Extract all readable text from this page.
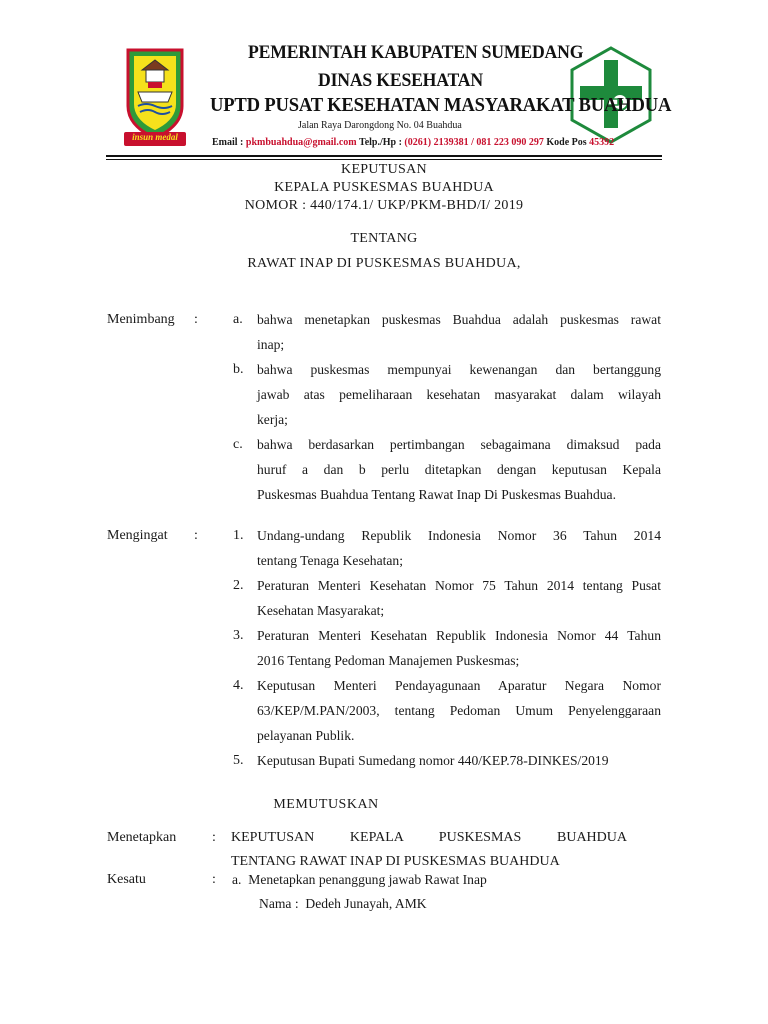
insun medal
PEMERINTAH KABUPATEN SUMEDANG
DINAS KESEHATAN
UPTD PUSAT KESEHATAN MASYARAKAT BUAHDUA
Jalan Raya Darongdong No. 04 Buahdua
Email : pkmbuahdua@gmail.com Telp./Hp : (0261) 2139381 / 081 223 090 297 Kode Pos 45392
KEPUTUSAN
KEPALA PUSKESMAS BUAHDUA
NOMOR : 440/174.1/ UKP/PKM-BHD/I/ 2019
TENTANG
RAWAT INAP DI PUSKESMAS BUAHDUA,
Menimbang :	a.	bahwa menetapkan puskesmas Buahdua adalah puskesmas rawat
inap;
b. bahwa puskesmas mempunyai kewenangan dan bertanggung
jawab atas pemeliharaan kesehatan masyarakat dalam wilayah
kerja;
c.	bahwa berdasarkan pertimbangan sebagaimana dimaksud pada
huruf a dan b perlu ditetapkan dengan keputusan Kepala
Puskesmas Buahdua Tentang Rawat Inap Di Puskesmas Buahdua.
Mengingat :	1. Undang-undang Republik Indonesia Nomor 36 Tahun 2014
tentang Tenaga Kesehatan;
2. Peraturan Menteri Kesehatan Nomor 75 Tahun 2014 tentang Pusat
Kesehatan Masyarakat;
3. Peraturan Menteri Kesehatan Republik Indonesia Nomor 44 Tahun
2016 Tentang Pedoman Manajemen Puskesmas;
4. Keputusan Menteri Pendayagunaan Aparatur Negara Nomor
63/KEP/M.PAN/2003, tentang Pedoman Umum Penyelenggaraan
pelayanan Publik.
5. Keputusan Bupati Sumedang nomor 440/KEP.78-DINKES/2019
MEMUTUSKAN
Menetapkan	: KEPUTUSAN     KEPALA     PUSKESMAS     BUAHDUA
TENTANG RAWAT INAP DI PUSKESMAS BUAHDUA
Kesatu	: a.  Menetapkan penanggung jawab Rawat Inap
Nama :  Dedeh Junayah, AMK
